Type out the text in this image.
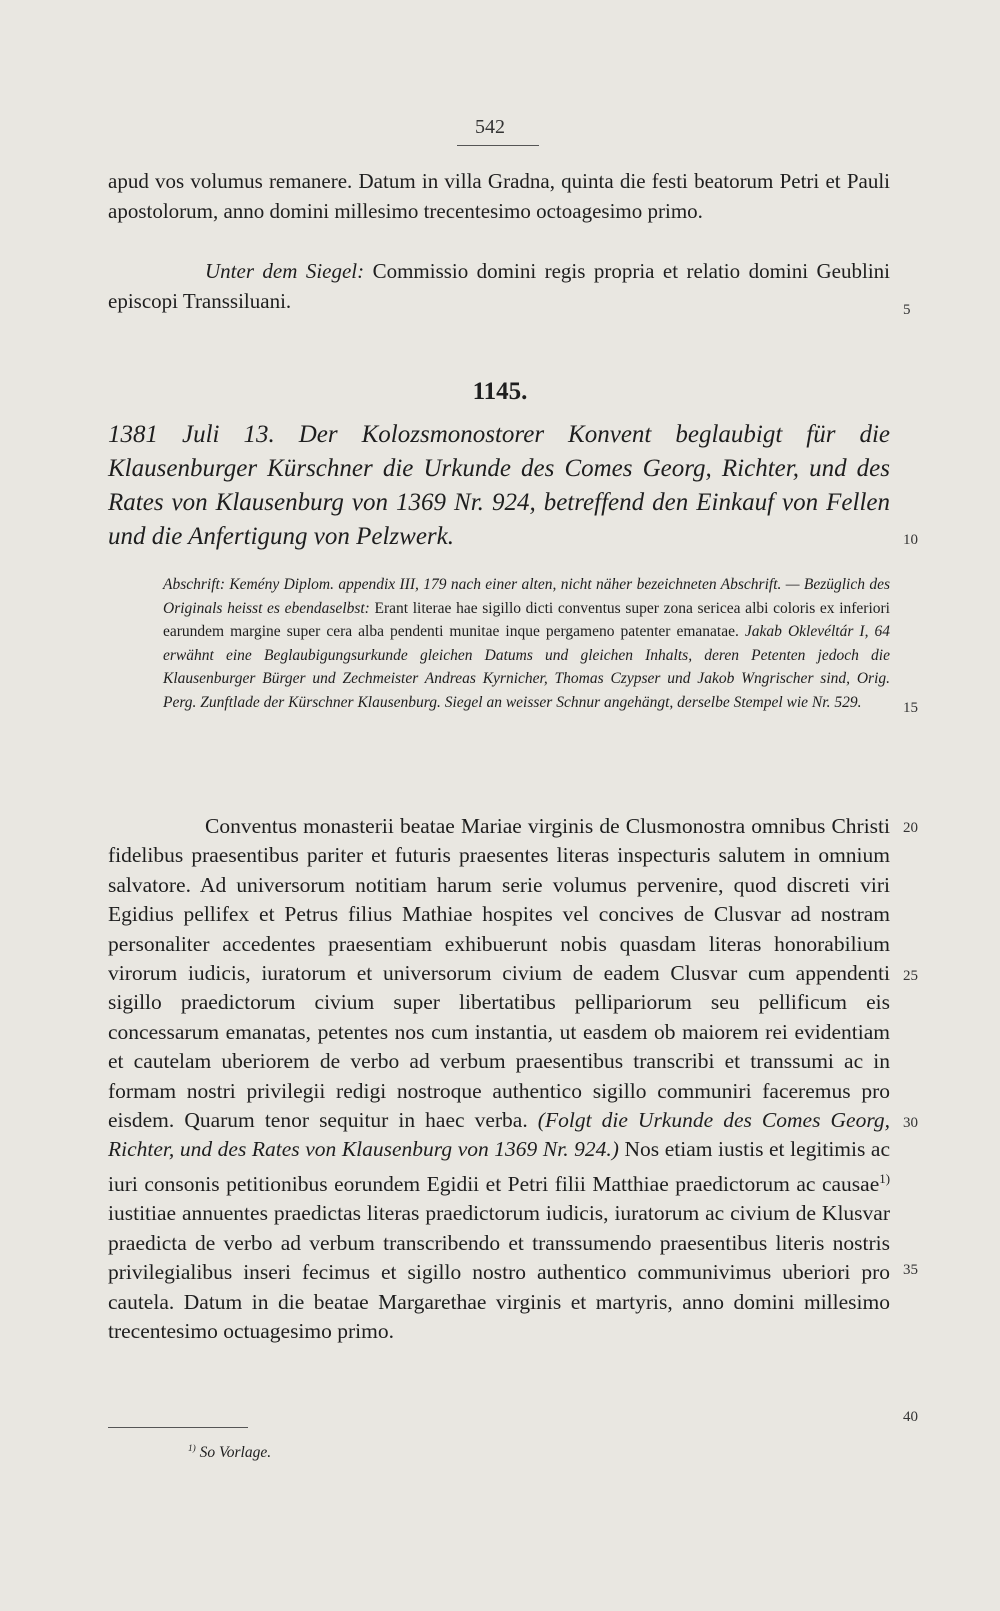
542
apud vos volumus remanere. Datum in villa Gradna, quinta die festi beatorum Petri et Pauli apostolorum, anno domini millesimo trecentesimo octoagesimo primo.
Unter dem Siegel: Commissio domini regis propria et relatio domini Geublini episcopi Transsiluani.
1145.
1381 Juli 13. Der Kolozsmonostorer Konvent beglaubigt für die Klausenburger Kürschner die Urkunde des Comes Georg, Richter, und des Rates von Klausenburg von 1369 Nr. 924, betreffend den Einkauf von Fellen und die Anfertigung von Pelzwerk.
Abschrift: Kemény Diplom. appendix III, 179 nach einer alten, nicht näher bezeichneten Abschrift. — Bezüglich des Originals heisst es ebendaselbst: Erant literae hae sigillo dicti conventus super zona sericea albi coloris ex inferiori earundem margine super cera alba pendenti munitae inque pergameno patenter emanatae. Jakab Oklevéltár I, 64 erwähnt eine Beglaubigungsurkunde gleichen Datums und gleichen Inhalts, deren Petenten jedoch die Klausenburger Bürger und Zechmeister Andreas Kyrnicher, Thomas Czypser und Jakob Wngrischer sind, Orig. Perg. Zunftlade der Kürschner Klausenburg. Siegel an weisser Schnur angehängt, derselbe Stempel wie Nr. 529.
Conventus monasterii beatae Mariae virginis de Clusmonostra omnibus Christi fidelibus praesentibus pariter et futuris praesentes literas inspecturis salutem in omnium salvatore. Ad universorum notitiam harum serie volumus pervenire, quod discreti viri Egidius pellifex et Petrus filius Mathiae hospites vel concives de Clusvar ad nostram personaliter accedentes praesentiam exhibuerunt nobis quasdam literas honorabilium virorum iudicis, iuratorum et universorum civium de eadem Clusvar cum appendenti sigillo praedictorum civium super libertatibus pellipariorum seu pellificum eis concessarum emanatas, petentes nos cum instantia, ut easdem ob maiorem rei evidentiam et cautelam uberiorem de verbo ad verbum praesentibus transcribi et transsumi ac in formam nostri privilegii redigi nostroque authentico sigillo communiri faceremus pro eisdem. Quarum tenor sequitur in haec verba. (Folgt die Urkunde des Comes Georg, Richter, und des Rates von Klausenburg von 1369 Nr. 924.) Nos etiam iustis et legitimis ac iuri consonis petitionibus eorundem Egidii et Petri filii Matthiae praedictorum ac causae$^{1)}$ iustitiae annuentes praedictas literas praedictorum iudicis, iuratorum ac civium de Klusvar praedicta de verbo ad verbum transcribendo et transsumendo praesentibus literis nostris privilegialibus inseri fecimus et sigillo nostro authentico communivimus uberiori pro cautela. Datum in die beatae Margarethae virginis et martyris, anno domini millesimo trecentesimo octuagesimo primo.
5
10
15
20
25
30
35
40
$^{1)}$ So Vorlage.
